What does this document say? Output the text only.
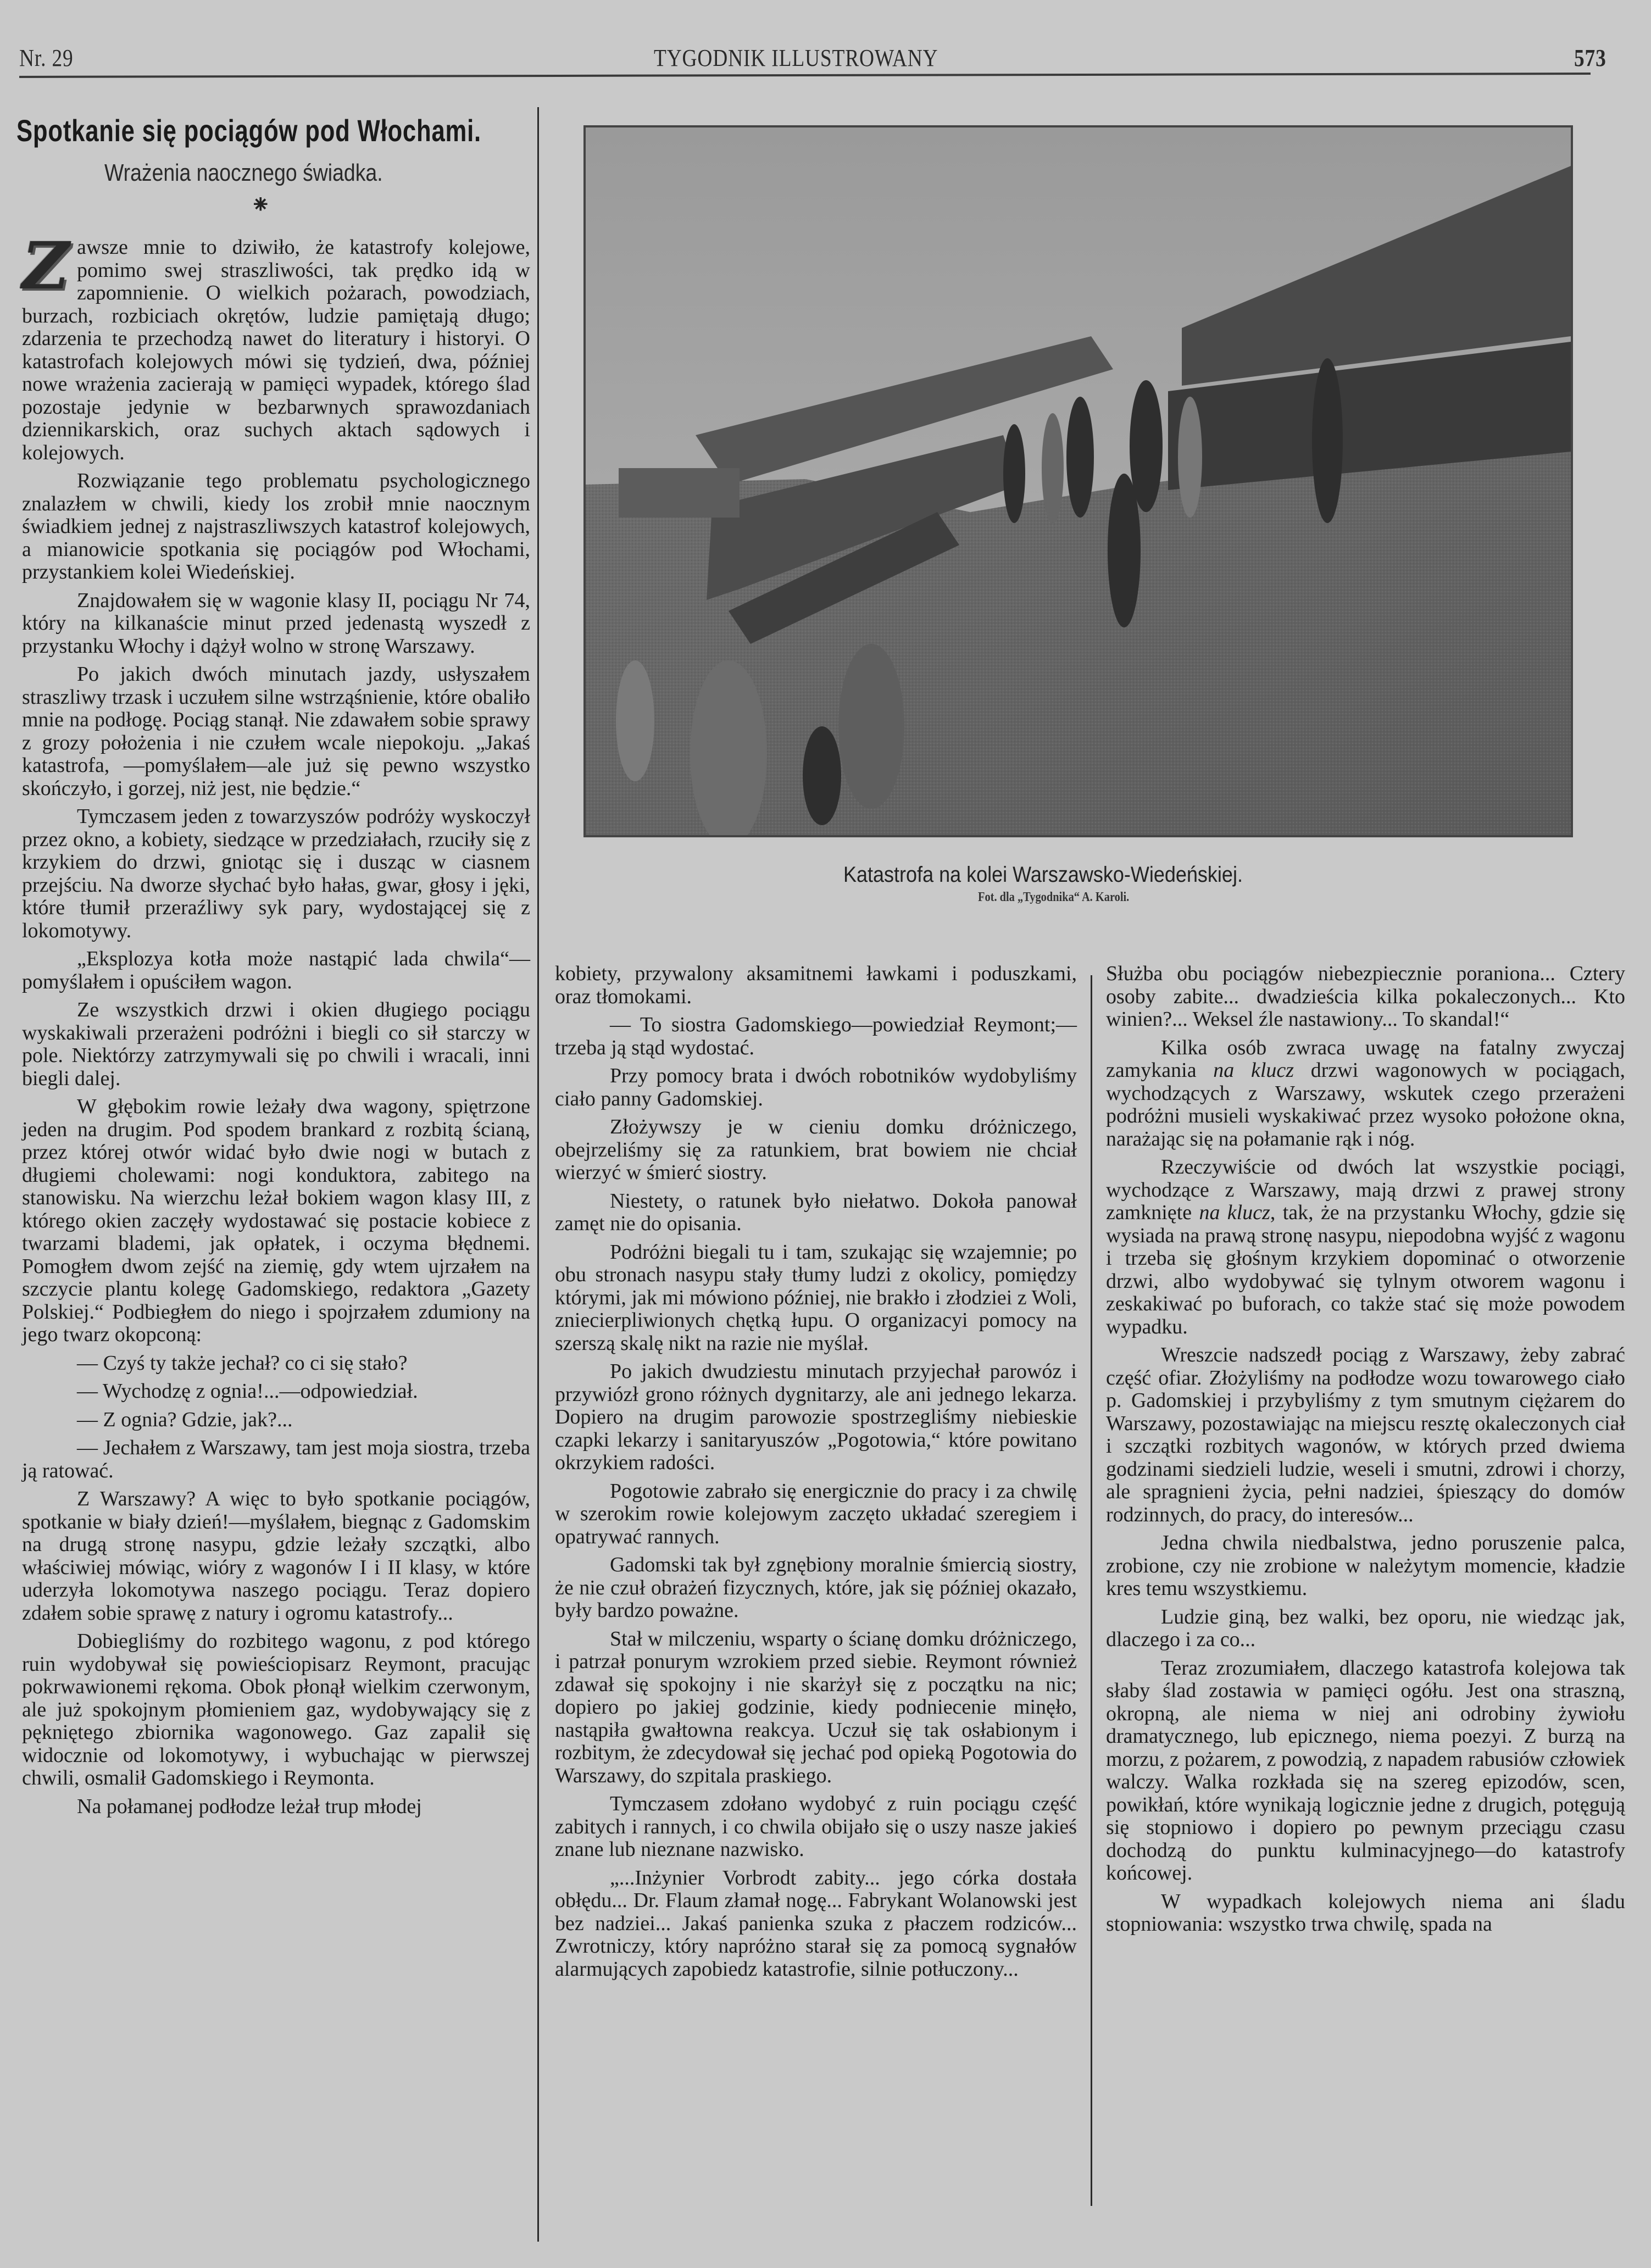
Nr. 29	TYGODNIK ILLUSTROWANY	573
Spotkanie się pociągów pod Włochami.
Wrażenia naocznego świadka.
⁕

Z awsze mnie to dziwiło, że katastrofy kolejowe, pomimo swej straszliwości, tak prędko idą w zapomnienie. O wielkich pożarach, powodziach, burzach, rozbiciach okrętów, ludzie pamiętają długo; zdarzenia te przechodzą nawet do literatury i historyi. O katastrofach kolejowych mówi się tydzień, dwa, później nowe wrażenia zacierają w pamięci wypadek, którego ślad pozostaje jedynie w bezbarwnych sprawozdaniach dziennikarskich, oraz suchych aktach sądowych i kolejowych.

Rozwiązanie tego problematu psychologicznego znalazłem w chwili, kiedy los zrobił mnie naocznym świadkiem jednej z najstraszliwszych katastrof kolejowych, a mianowicie spotkania się pociągów pod Włochami, przystankiem kolei Wiedeńskiej.

Znajdowałem się w wagonie klasy II, pociągu Nr 74, który na kilkanaście minut przed jedenastą wyszedł z przystanku Włochy i dążył wolno w stronę Warszawy.

Po jakich dwóch minutach jazdy, usłyszałem straszliwy trzask i uczułem silne wstrząśnienie, które obaliło mnie na podłogę. Pociąg stanął. Nie zdawałem sobie sprawy z grozy położenia i nie czułem wcale niepokoju. „Jakaś katastrofa, —pomyślałem—ale już się pewno wszystko skończyło, i gorzej, niż jest, nie będzie.“

Tymczasem jeden z towarzyszów podróży wyskoczył przez okno, a kobiety, siedzące w przedziałach, rzuciły się z krzykiem do drzwi, gniotąc się i dusząc w ciasnem przejściu. Na dworze słychać było hałas, gwar, głosy i jęki, które tłumił przeraźliwy syk pary, wydostającej się z lokomotywy.

„Eksplozya kotła może nastąpić lada chwila“—pomyślałem i opuściłem wagon.

Ze wszystkich drzwi i okien długiego pociągu wyskakiwali przerażeni podróżni i biegli co sił starczy w pole. Niektórzy zatrzymywali się po chwili i wracali, inni biegli dalej.

W głębokim rowie leżały dwa wagony, spiętrzone jeden na drugim. Pod spodem brankard z rozbitą ścianą, przez której otwór widać było dwie nogi w butach z długiemi cholewami: nogi konduktora, zabitego na stanowisku. Na wierzchu leżał bokiem wagon klasy III, z którego okien zaczęły wydostawać się postacie kobiece z twarzami blademi, jak opłatek, i oczyma błędnemi. Pomogłem dwom zejść na ziemię, gdy wtem ujrzałem na szczycie plantu kolegę Gadomskiego, redaktora „Gazety Polskiej.“ Podbiegłem do niego i spojrzałem zdumiony na jego twarz okopconą:

— Czyś ty także jechał? co ci się stało?

— Wychodzę z ognia!...—odpowiedział.

— Z ognia? Gdzie, jak?...

— Jechałem z Warszawy, tam jest moja siostra, trzeba ją ratować.

Z Warszawy? A więc to było spotkanie pociągów, spotkanie w biały dzień!—myślałem, biegnąc z Gadomskim na drugą stronę nasypu, gdzie leżały szczątki, albo właściwiej mówiąc, wióry z wagonów I i II klasy, w które uderzyła lokomotywa naszego pociągu. Teraz dopiero zdałem sobie sprawę z natury i ogromu katastrofy...

Dobiegliśmy do rozbitego wagonu, z pod którego ruin wydobywał się powieściopisarz Reymont, pracując pokrwawionemi rękoma. Obok płonął wielkim czerwonym, ale już spokojnym płomieniem gaz, wydobywający się z pękniętego zbiornika wagonowego. Gaz zapalił się widocznie od lokomotywy, i wybuchając w pierwszej chwili, osmalił Gadomskiego i Reymonta.

Na połamanej podłodze leżał trup młodej

Katastrofa na kolei Warszawsko-Wiedeńskiej.
Fot. dla „Tygodnika“ A. Karoli.

kobiety, przywalony aksamitnemi ławkami i poduszkami, oraz tłomokami.

— To siostra Gadomskiego—powiedział Reymont;—trzeba ją stąd wydostać.

Przy pomocy brata i dwóch robotników wydobyliśmy ciało panny Gadomskiej.

Złożywszy je w cieniu domku dróżniczego, obejrzeliśmy się za ratunkiem, brat bowiem nie chciał wierzyć w śmierć siostry.

Niestety, o ratunek było niełatwo. Dokoła panował zamęt nie do opisania.

Podróżni biegali tu i tam, szukając się wzajemnie; po obu stronach nasypu stały tłumy ludzi z okolicy, pomiędzy którymi, jak mi mówiono później, nie brakło i złodziei z Woli, zniecierpliwionych chętką łupu. O organizacyi pomocy na szerszą skalę nikt na razie nie myślał.

Po jakich dwudziestu minutach przyjechał parowóz i przywiózł grono różnych dygnitarzy, ale ani jednego lekarza. Dopiero na drugim parowozie spostrzegliśmy niebieskie czapki lekarzy i sanitaryuszów „Pogotowia,“ które powitano okrzykiem radości.

Pogotowie zabrało się energicznie do pracy i za chwilę w szerokim rowie kolejowym zaczęto układać szeregiem i opatrywać rannych.

Gadomski tak był zgnębiony moralnie śmiercią siostry, że nie czuł obrażeń fizycznych, które, jak się później okazało, były bardzo poważne.

Stał w milczeniu, wsparty o ścianę domku dróżniczego, i patrzał ponurym wzrokiem przed siebie. Reymont również zdawał się spokojny i nie skarżył się z początku na nic; dopiero po jakiej godzinie, kiedy podniecenie minęło, nastąpiła gwałtowna reakcya. Uczuł się tak osłabionym i rozbitym, że zdecydował się jechać pod opieką Pogotowia do Warszawy, do szpitala praskiego.

Tymczasem zdołano wydobyć z ruin pociągu część zabitych i rannych, i co chwila obijało się o uszy nasze jakieś znane lub nieznane nazwisko.

„...Inżynier Vorbrodt zabity... jego córka dostała obłędu... Dr. Flaum złamał nogę... Fabrykant Wolanowski jest bez nadziei... Jakaś panienka szuka z płaczem rodziców... Zwrotniczy, który napróżno starał się za pomocą sygnałów alarmujących zapobiedz katastrofie, silnie potłuczony...

Służba obu pociągów niebezpiecznie poraniona... Cztery osoby zabite... dwadzieścia kilka pokaleczonych... Kto winien?... Weksel źle nastawiony... To skandal!“

Kilka osób zwraca uwagę na fatalny zwyczaj zamykania na klucz drzwi wagonowych w pociągach, wychodzących z Warszawy, wskutek czego przerażeni podróżni musieli wyskakiwać przez wysoko położone okna, narażając się na połamanie rąk i nóg.

Rzeczywiście od dwóch lat wszystkie pociągi, wychodzące z Warszawy, mają drzwi z prawej strony zamknięte na klucz, tak, że na przystanku Włochy, gdzie się wysiada na prawą stronę nasypu, niepodobna wyjść z wagonu i trzeba się głośnym krzykiem dopominać o otworzenie drzwi, albo wydobywać się tylnym otworem wagonu i zeskakiwać po buforach, co także stać się może powodem wypadku.

Wreszcie nadszedł pociąg z Warszawy, żeby zabrać część ofiar. Złożyliśmy na podłodze wozu towarowego ciało p. Gadomskiej i przybyliśmy z tym smutnym ciężarem do Warszawy, pozostawiając na miejscu resztę okaleczonych ciał i szczątki rozbitych wagonów, w których przed dwiema godzinami siedzieli ludzie, weseli i smutni, zdrowi i chorzy, ale spragnieni życia, pełni nadziei, śpieszący do domów rodzinnych, do pracy, do interesów...

Jedna chwila niedbalstwa, jedno poruszenie palca, zrobione, czy nie zrobione w należytym momencie, kładzie kres temu wszystkiemu.

Ludzie giną, bez walki, bez oporu, nie wiedząc jak, dlaczego i za co...

Teraz zrozumiałem, dlaczego katastrofa kolejowa tak słaby ślad zostawia w pamięci ogółu. Jest ona straszną, okropną, ale niema w niej ani odrobiny żywiołu dramatycznego, lub epicznego, niema poezyi. Z burzą na morzu, z pożarem, z powodzią, z napadem rabusiów człowiek walczy. Walka rozkłada się na szereg epizodów, scen, powikłań, które wynikają logicznie jedne z drugich, potęgują się stopniowo i dopiero po pewnym przeciągu czasu dochodzą do punktu kulminacyjnego—do katastrofy końcowej.

W wypadkach kolejowych niema ani śladu stopniowania: wszystko trwa chwilę, spada na
